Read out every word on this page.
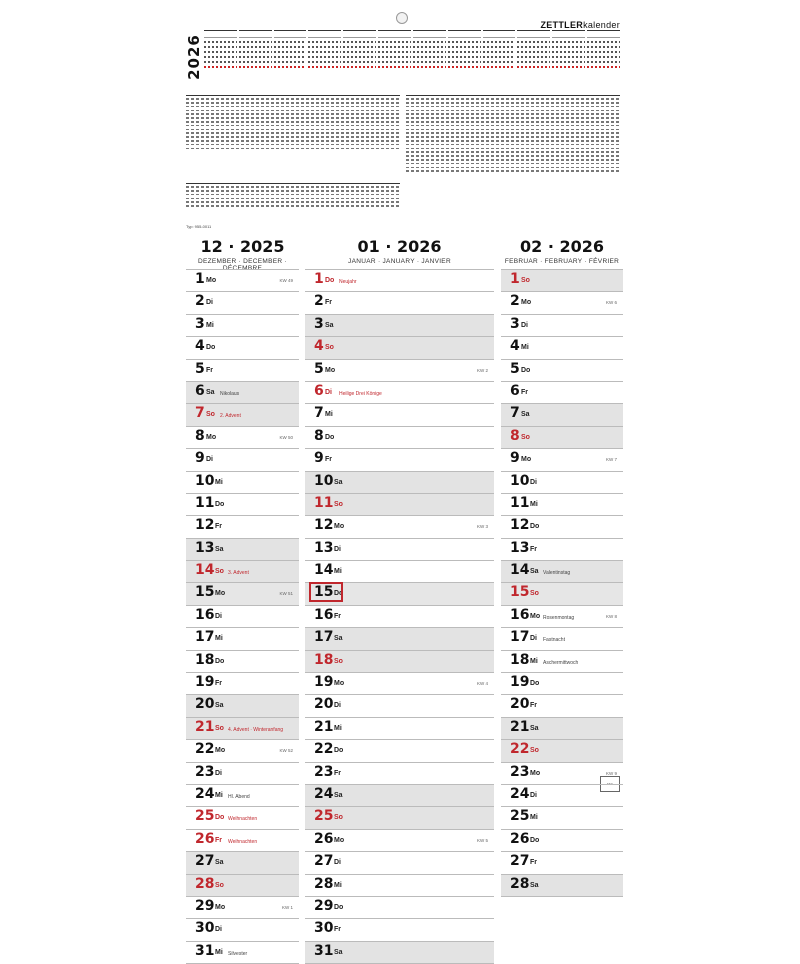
2026
ZETTLERkalender
Typ: 955-0011
FSC
12 · 2025
DEZEMBER · DECEMBER · DÉCEMBRE
1 Mo	KW 49
2 Di
3 Mi
4 Do
5 Fr
6 Sa Nikolaus
7 So 2. Advent
8 Mo	KW 50
9 Di
10 Mi
11 Do
12 Fr
13 Sa
14 So 3. Advent
15 Mo	KW 51
16 Di
17 Mi
18 Do
19 Fr
20 Sa
21 So 4. Advent · Winteranfang
22 Mo	KW 52
23 Di
24 Mi Hl. Abend
25 Do Weihnachten
26 Fr Weihnachten
27 Sa
28 So
29 Mo	KW 1
30 Di
31 Mi Silvester
01 · 2026
JANUAR · JANUARY · JANVIER
1 Do Neujahr
2 Fr
3 Sa
4 So
5 Mo	KW 2
6 Di Heilige Drei Könige
7 Mi
8 Do
9 Fr
10 Sa
11 So
12 Mo	KW 3
13 Di
14 Mi
15 Do
16 Fr
17 Sa
18 So
19 Mo	KW 4
20 Di
21 Mi
22 Do
23 Fr
24 Sa
25 So
26 Mo	KW 5
27 Di
28 Mi
29 Do
30 Fr
31 Sa
02 · 2026
FEBRUAR · FEBRUARY · FÉVRIER
1 So
2 Mo	KW 6
3 Di
4 Mi
5 Do
6 Fr
7 Sa
8 So
9 Mo	KW 7
10 Di
11 Mi
12 Do
13 Fr
14 Sa Valentinstag
15 So
16 Mo Rosenmontag	KW 8
17 Di Fastnacht
18 Mi Aschermittwoch
19 Do
20 Fr
21 Sa
22 So
23 Mo	KW 9
24 Di
25 Mi
26 Do
27 Fr
28 Sa
